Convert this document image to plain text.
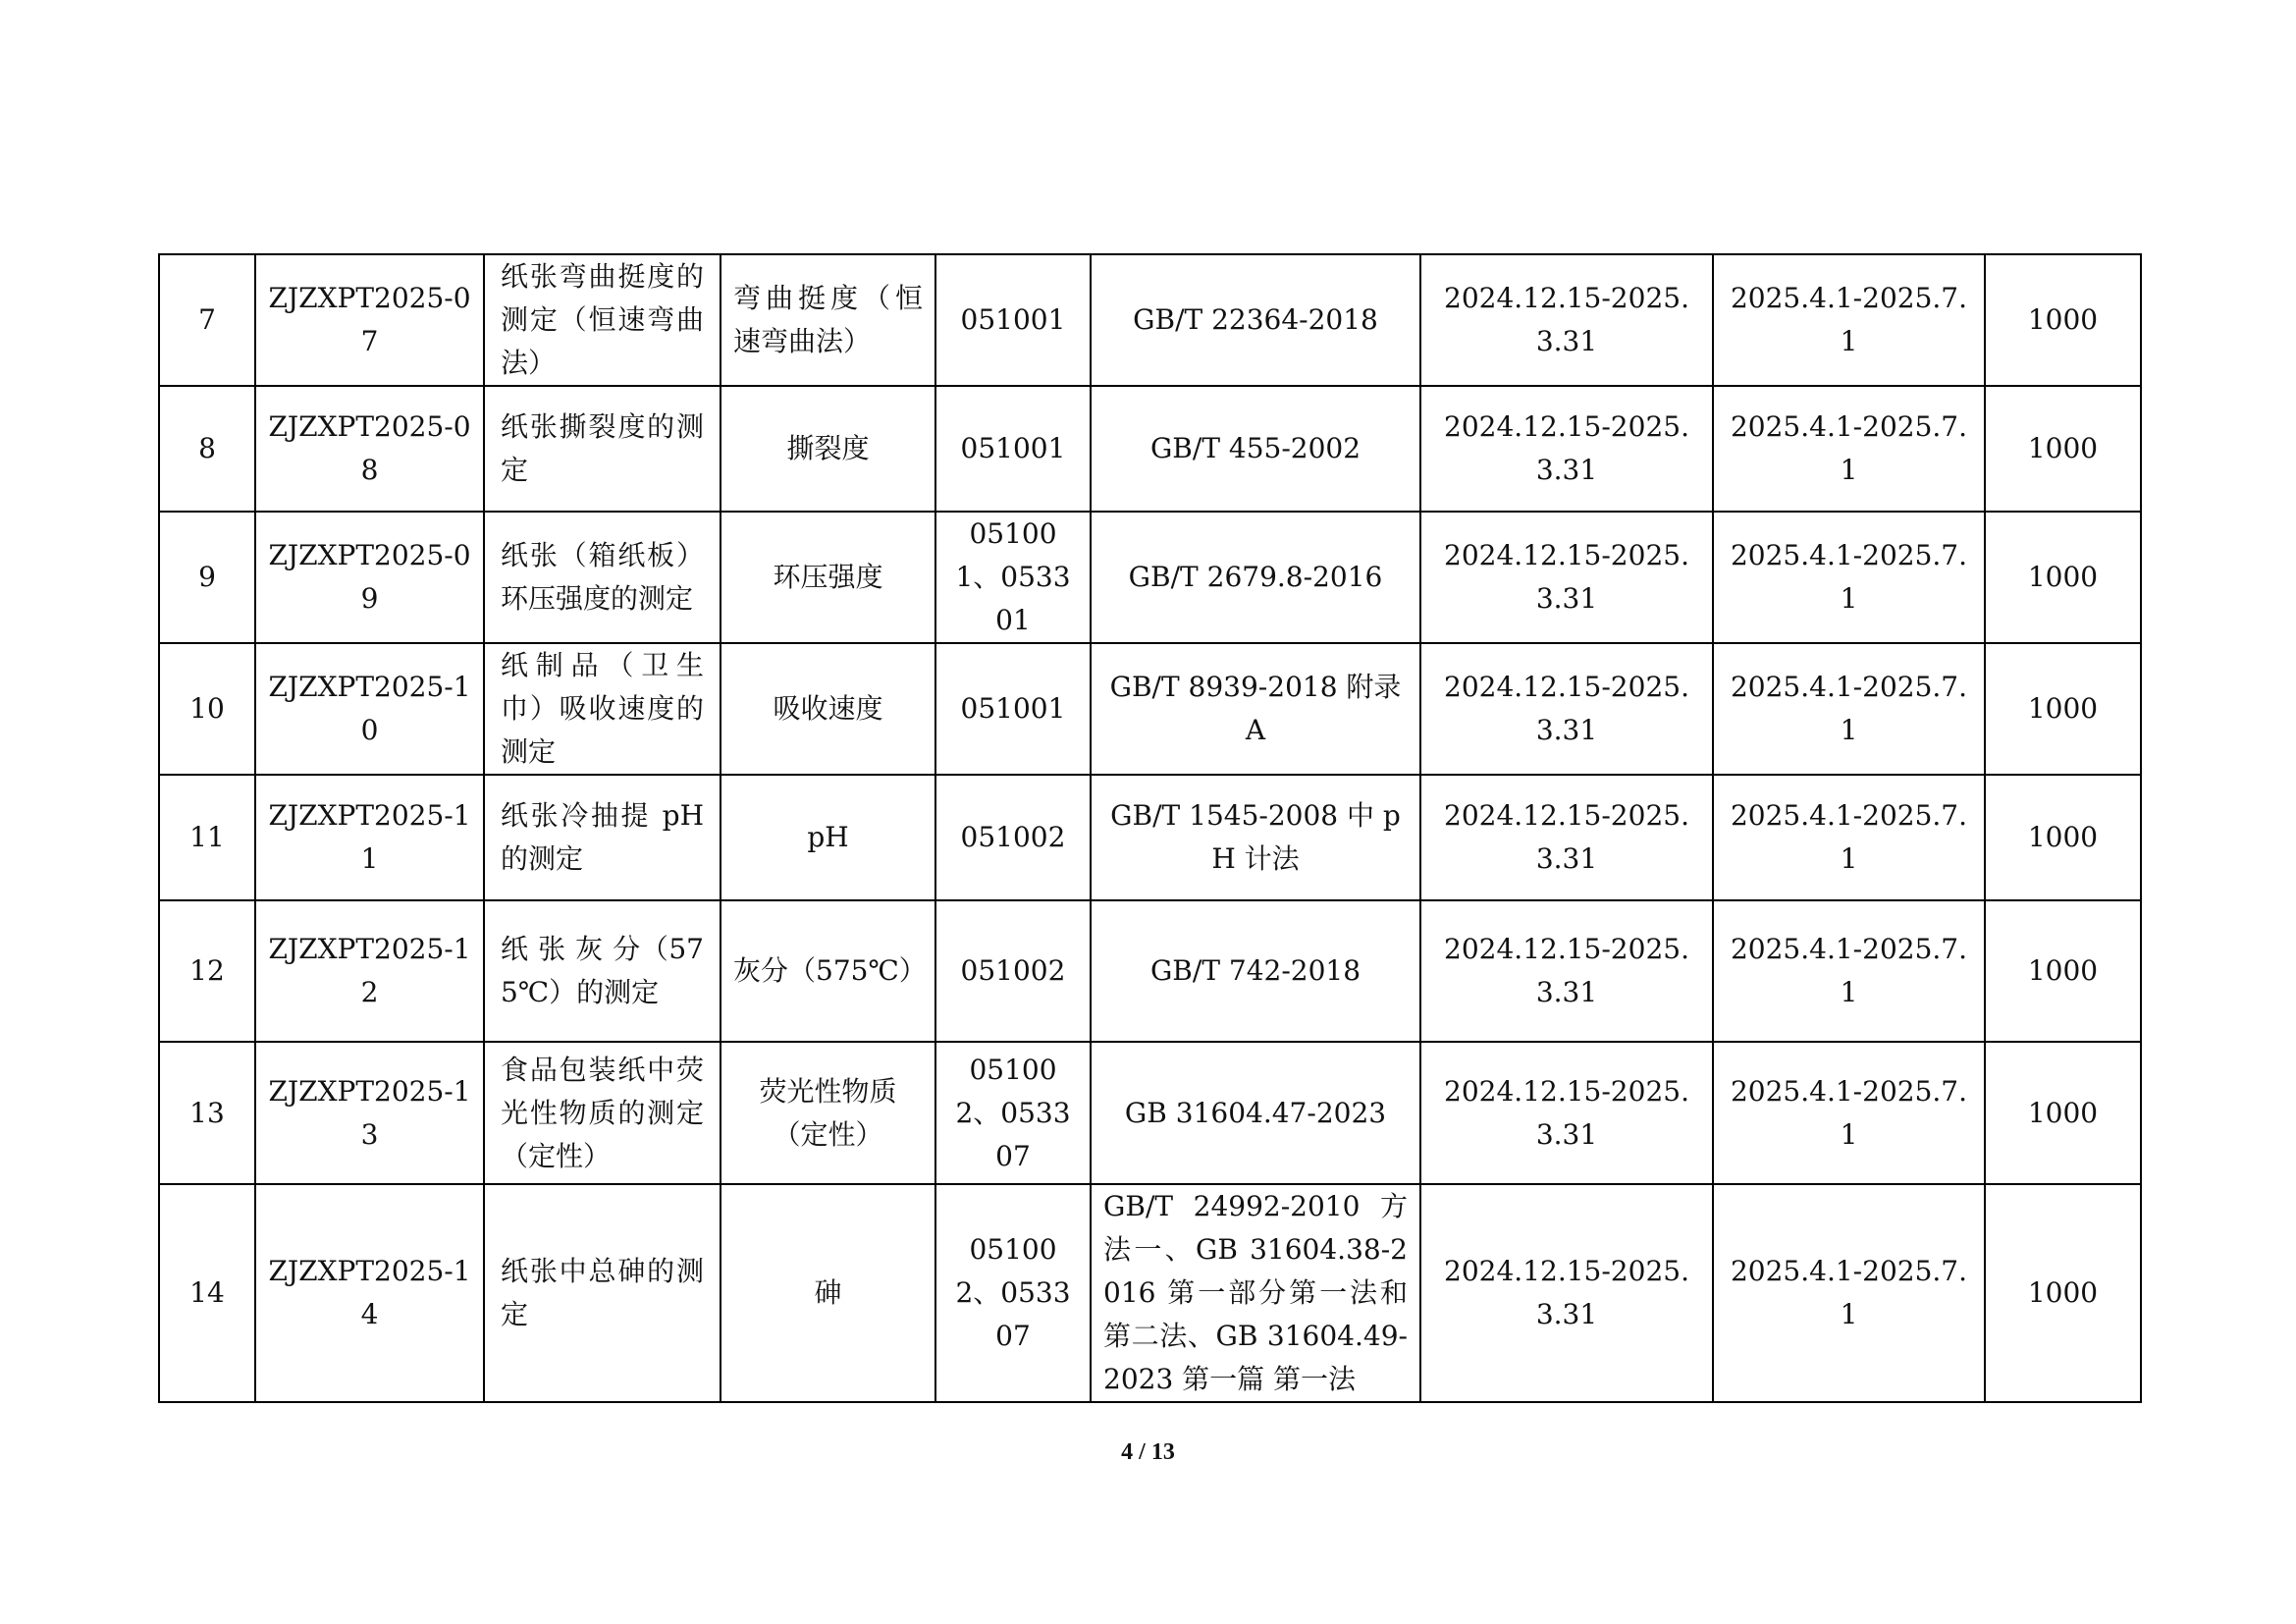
7	ZJZXPT2025-07	纸张弯曲挺度的测定（恒速弯曲法）	弯曲挺度（恒速弯曲法）	051001	GB/T 22364-2018	2024.12.15-2025.3.31	2025.4.1-2025.7.1	1000
8	ZJZXPT2025-08	纸张撕裂度的测定	撕裂度	051001	GB/T 455-2002	2024.12.15-2025.3.31	2025.4.1-2025.7.1	1000
9	ZJZXPT2025-09	纸张（箱纸板）环压强度的测定	环压强度	051001、053301	GB/T 2679.8-2016	2024.12.15-2025.3.31	2025.4.1-2025.7.1	1000
10	ZJZXPT2025-10	纸制品（卫生巾）吸收速度的测定	吸收速度	051001	GB/T 8939-2018 附录 A	2024.12.15-2025.3.31	2025.4.1-2025.7.1	1000
11	ZJZXPT2025-11	纸张冷抽提 pH 的测定	pH	051002	GB/T 1545-2008 中 pH 计法	2024.12.15-2025.3.31	2025.4.1-2025.7.1	1000
12	ZJZXPT2025-12	纸 张 灰 分（575℃）的测定	灰分（575℃）	051002	GB/T 742-2018	2024.12.15-2025.3.31	2025.4.1-2025.7.1	1000
13	ZJZXPT2025-13	食品包装纸中荧光性物质的测定（定性）	荧光性物质（定性）	051002、053307	GB 31604.47-2023	2024.12.15-2025.3.31	2025.4.1-2025.7.1	1000
14	ZJZXPT2025-14	纸张中总砷的测定	砷	051002、053307	GB/T 24992-2010 方法一、GB 31604.38-2016 第一部分第一法和第二法、GB 31604.49-2023 第一篇 第一法	2024.12.15-2025.3.31	2025.4.1-2025.7.1	1000
4 / 13
